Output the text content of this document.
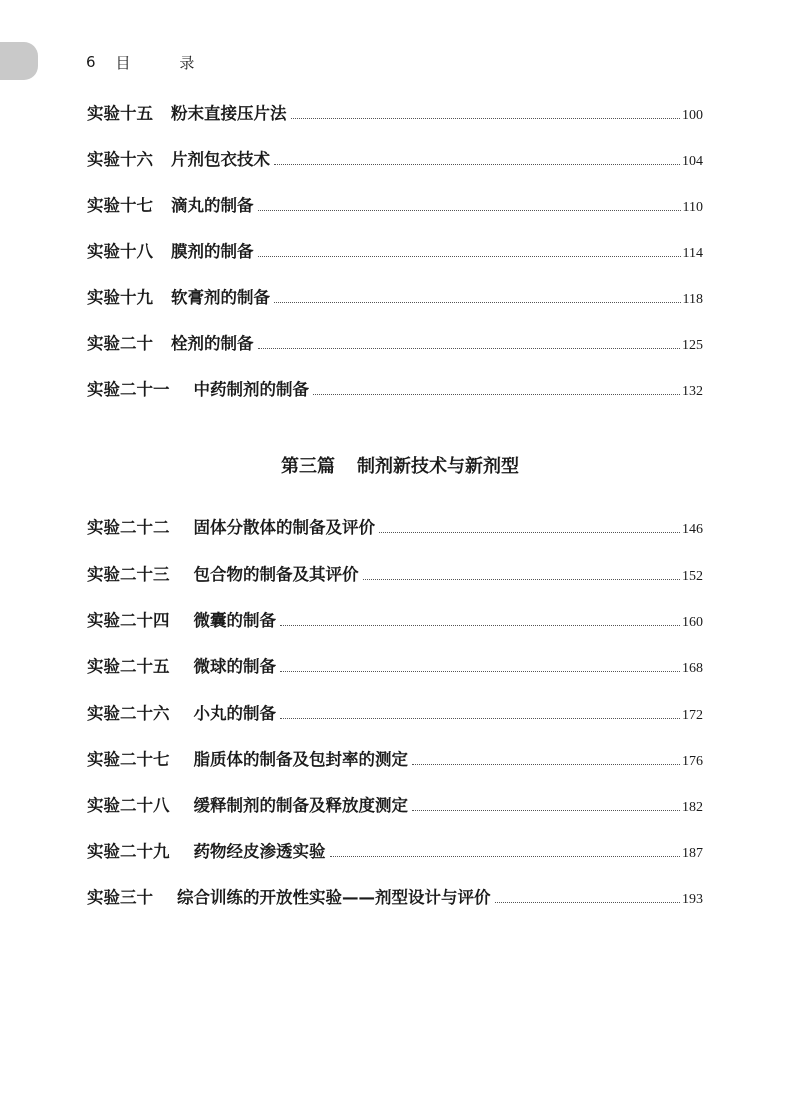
6 目 录
实验十五 粉末直接压片法	100
实验十六 片剂包衣技术	104
实验十七 滴丸的制备	110
实验十八 膜剂的制备	114
实验十九 软膏剂的制备	118
实验二十 栓剂的制备	125
实验二十一 中药制剂的制备	132
第三篇 制剂新技术与新剂型
实验二十二 固体分散体的制备及评价	146
实验二十三 包合物的制备及其评价	152
实验二十四 微囊的制备	160
实验二十五 微球的制备	168
实验二十六 小丸的制备	172
实验二十七 脂质体的制备及包封率的测定	176
实验二十八 缓释制剂的制备及释放度测定	182
实验二十九 药物经皮渗透实验	187
实验三十 综合训练的开放性实验——剂型设计与评价	193
